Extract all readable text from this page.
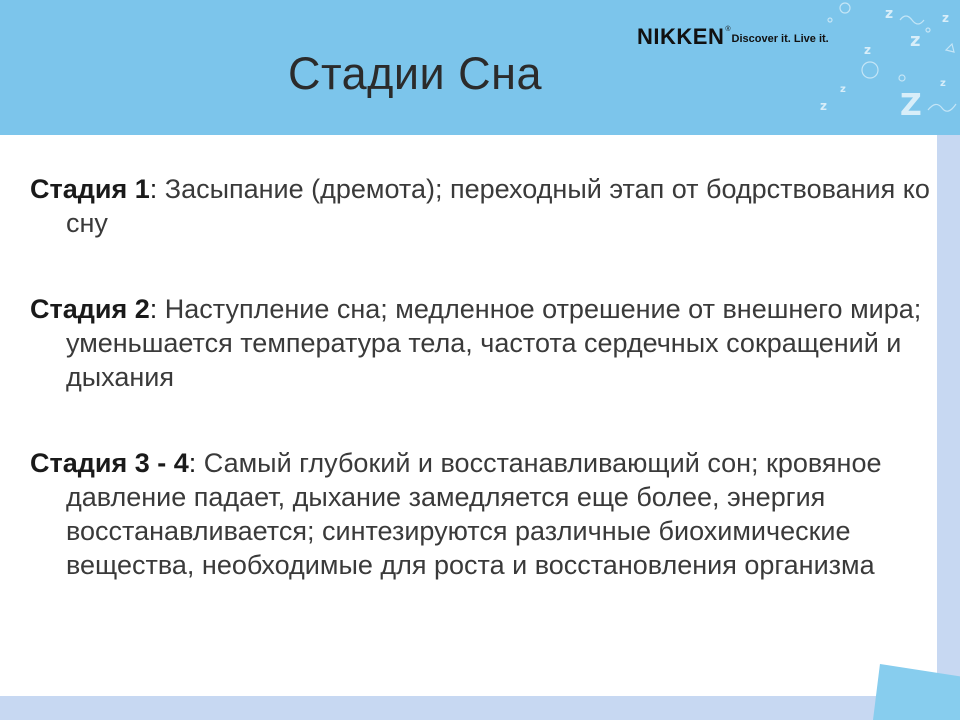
z
z z
z
z Z
z
z
Стадии Сна
NIKKEN ®
Discover it. Live it.

Стадия 1: Засыпание (дремота); переходный этап от бодрствования ко сну

Стадия 2: Наступление сна; медленное отрешение от внешнего мира; уменьшается температура тела, частота сердечных сокращений и дыхания

Стадия 3 - 4: Самый глубокий и восстанавливающий сон; кровяное давление падает, дыхание замедляется еще более, энергия восстанавливается; синтезируются различные биохимические вещества, необходимые для роста и восстановления организма
